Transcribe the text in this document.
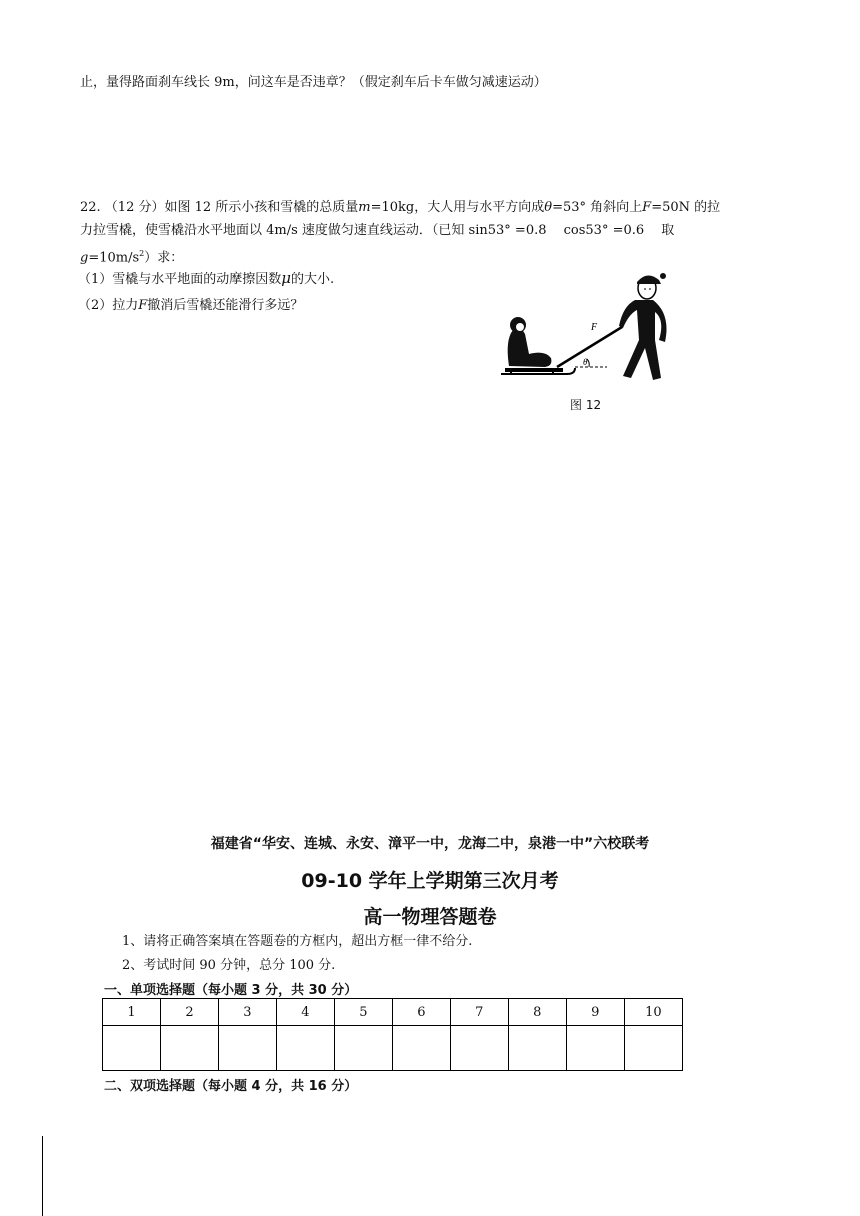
止，量得路面刹车线长 9m，问这车是否违章？（假定刹车后卡车做匀减速运动）
22. （12 分）如图 12 所示小孩和雪橇的总质量m=10kg，大人用与水平方向成θ=53° 角斜向上F=50N 的拉
力拉雪橇，使雪橇沿水平地面以 4m/s 速度做匀速直线运动．（已知 sin53° =0.8　 cos53° =0.6　 取
$g=10m/s^2$）求：
（1）雪橇与水平地面的动摩擦因数μ的大小.
（2）拉力F撤消后雪橇还能滑行多远？
F
θ
图 12
福建省“华安、连城、永安、漳平一中，龙海二中，泉港一中”六校联考
09-10 学年上学期第三次月考
高一物理答题卷
1、请将正确答案填在答题卷的方框内，超出方框一律不给分.
2、考试时间 90 分钟，总分 100 分.
一、单项选择题（每小题 3 分，共 30 分）
1	2	3	4	5	6	7	8	9	10

二、双项选择题（每小题 4 分，共 16 分）
